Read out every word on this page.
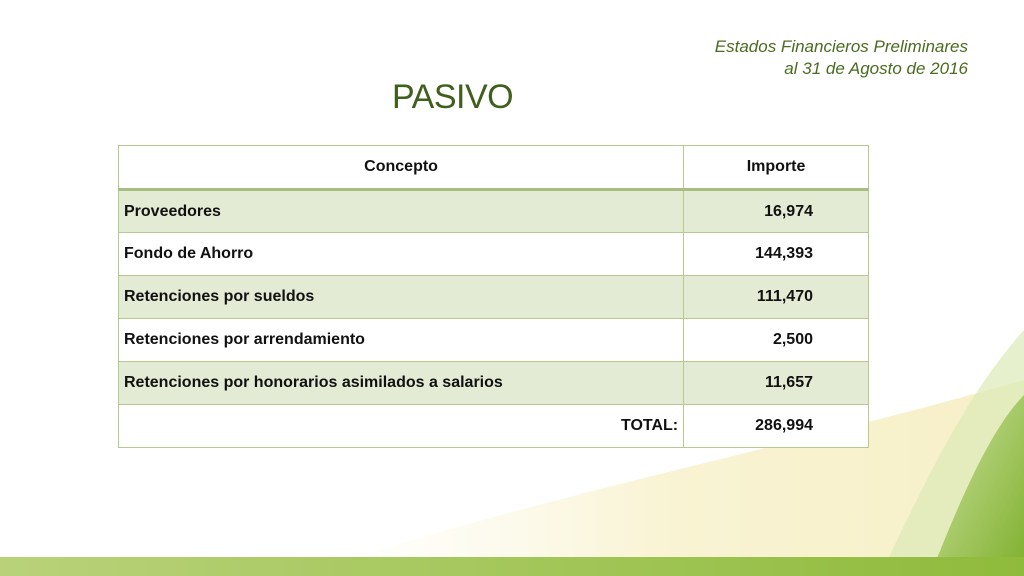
Estados Financieros Preliminares
al 31 de Agosto de 2016
PASIVO
Concepto	Importe
Proveedores	16,974
Fondo de Ahorro	144,393
Retenciones por sueldos	111,470
Retenciones por arrendamiento	2,500
Retenciones por honorarios asimilados a salarios	11,657
TOTAL:	286,994
